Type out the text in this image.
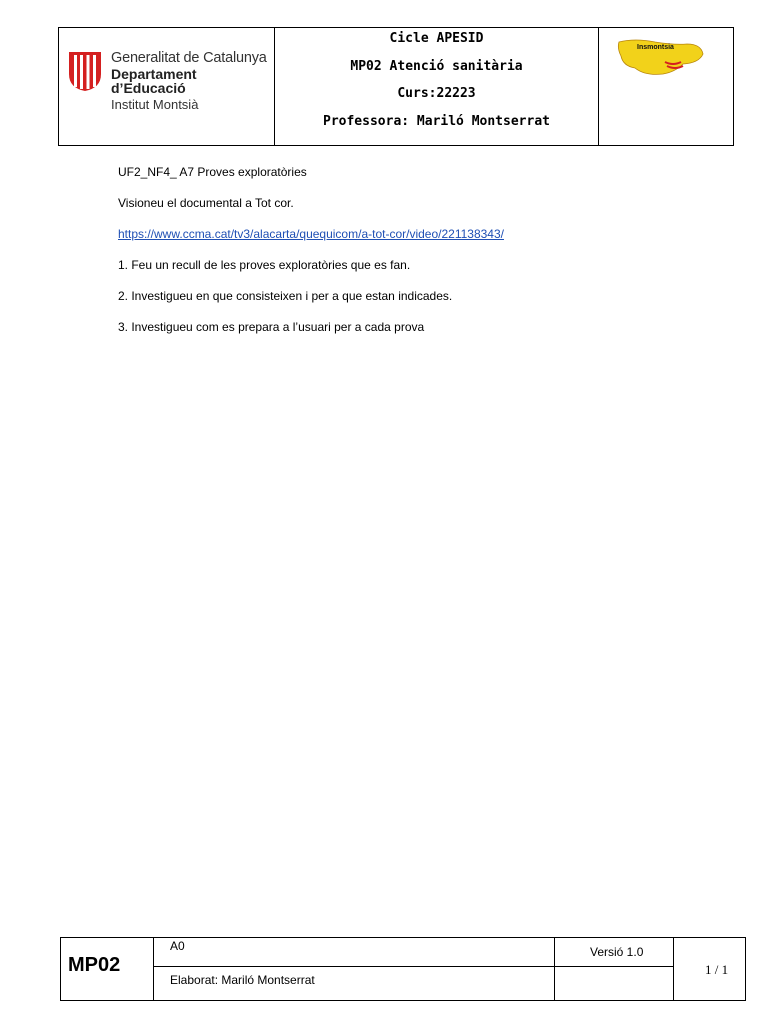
Generalitat de Catalunya
Departament
d’Educació
Institut Montsià
Cicle APESID
MP02 Atenció sanitària
Curs:22223
Professora: Mariló Montserrat
Insmontsia
UF2_NF4_ A7 Proves exploratòries
Visioneu el documental a Tot cor.
https://www.ccma.cat/tv3/alacarta/quequicom/a-tot-cor/video/221138343/
1. Feu un recull de les proves exploratòries que es fan.
2. Investigueu en que consisteixen i per a que estan indicades.
3. Investigueu com es prepara a l’usuari per a cada prova
MP02
A0
Elaborat: Mariló Montserrat
Versió 1.0
1 / 1
